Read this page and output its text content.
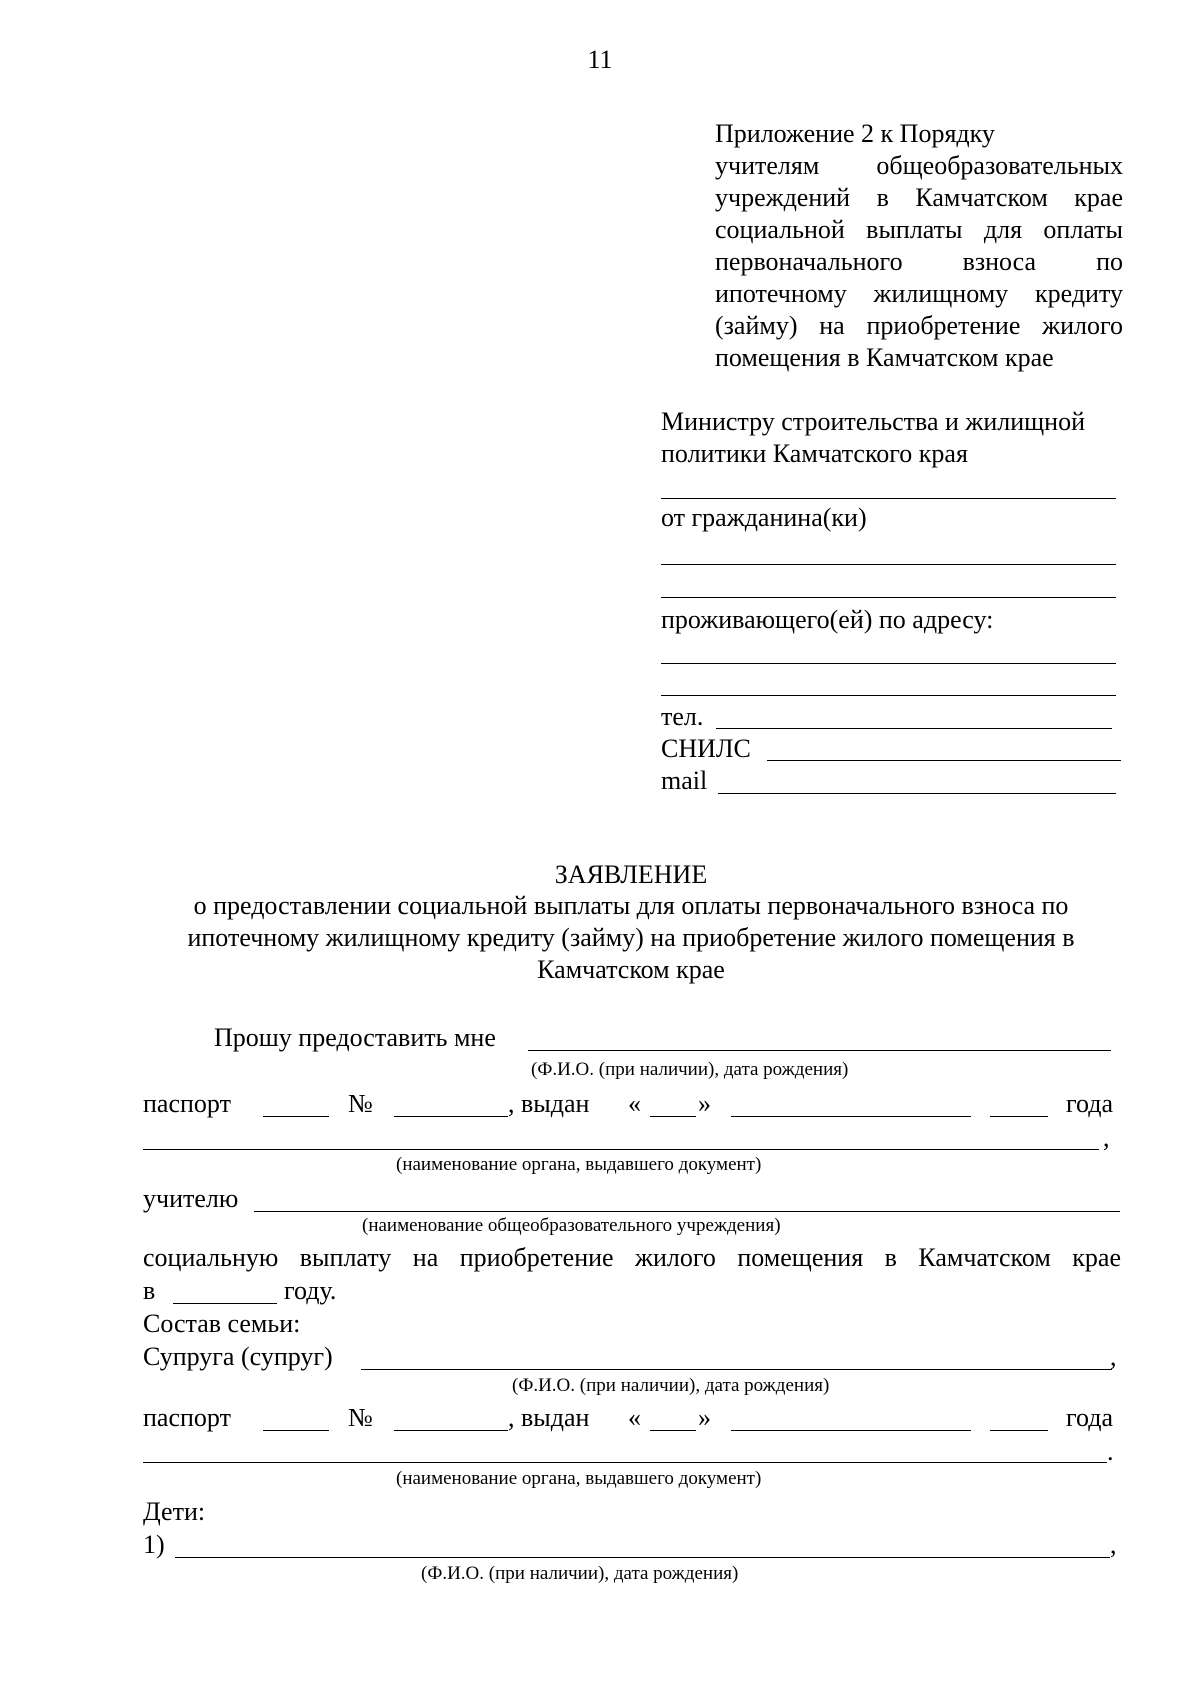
11
Приложение 2 к Порядку
учителям общеобразовательных
учреждений в Камчатском крае
социальной выплаты для оплаты
первоначального взноса по
ипотечному жилищному кредиту
(займу) на приобретение жилого
помещения в Камчатском крае
Министру строительства и жилищной
политики Камчатского края
от гражданина(ки)
проживающего(ей) по адресу:
тел.
СНИЛС
mail
ЗАЯВЛЕНИЕ
о предоставлении социальной выплаты для оплаты первоначального взноса по ипотечному жилищному кредиту (займу) на приобретение жилого помещения в Камчатском крае
Прошу предоставить мне
(Ф.И.О. (при наличии), дата рождения)
паспорт	№	, выдан « »	года
,
(наименование органа, выдавшего документ)
учителю
(наименование общеобразовательного учреждения)
социальную выплату на приобретение жилого помещения в Камчатском крае
в	году.
Состав семьи:
Супруга (супруг)	,
(Ф.И.О. (при наличии), дата рождения)
паспорт	№	, выдан « »	года
.
(наименование органа, выдавшего документ)
Дети:
1)	,
(Ф.И.О. (при наличии), дата рождения)
